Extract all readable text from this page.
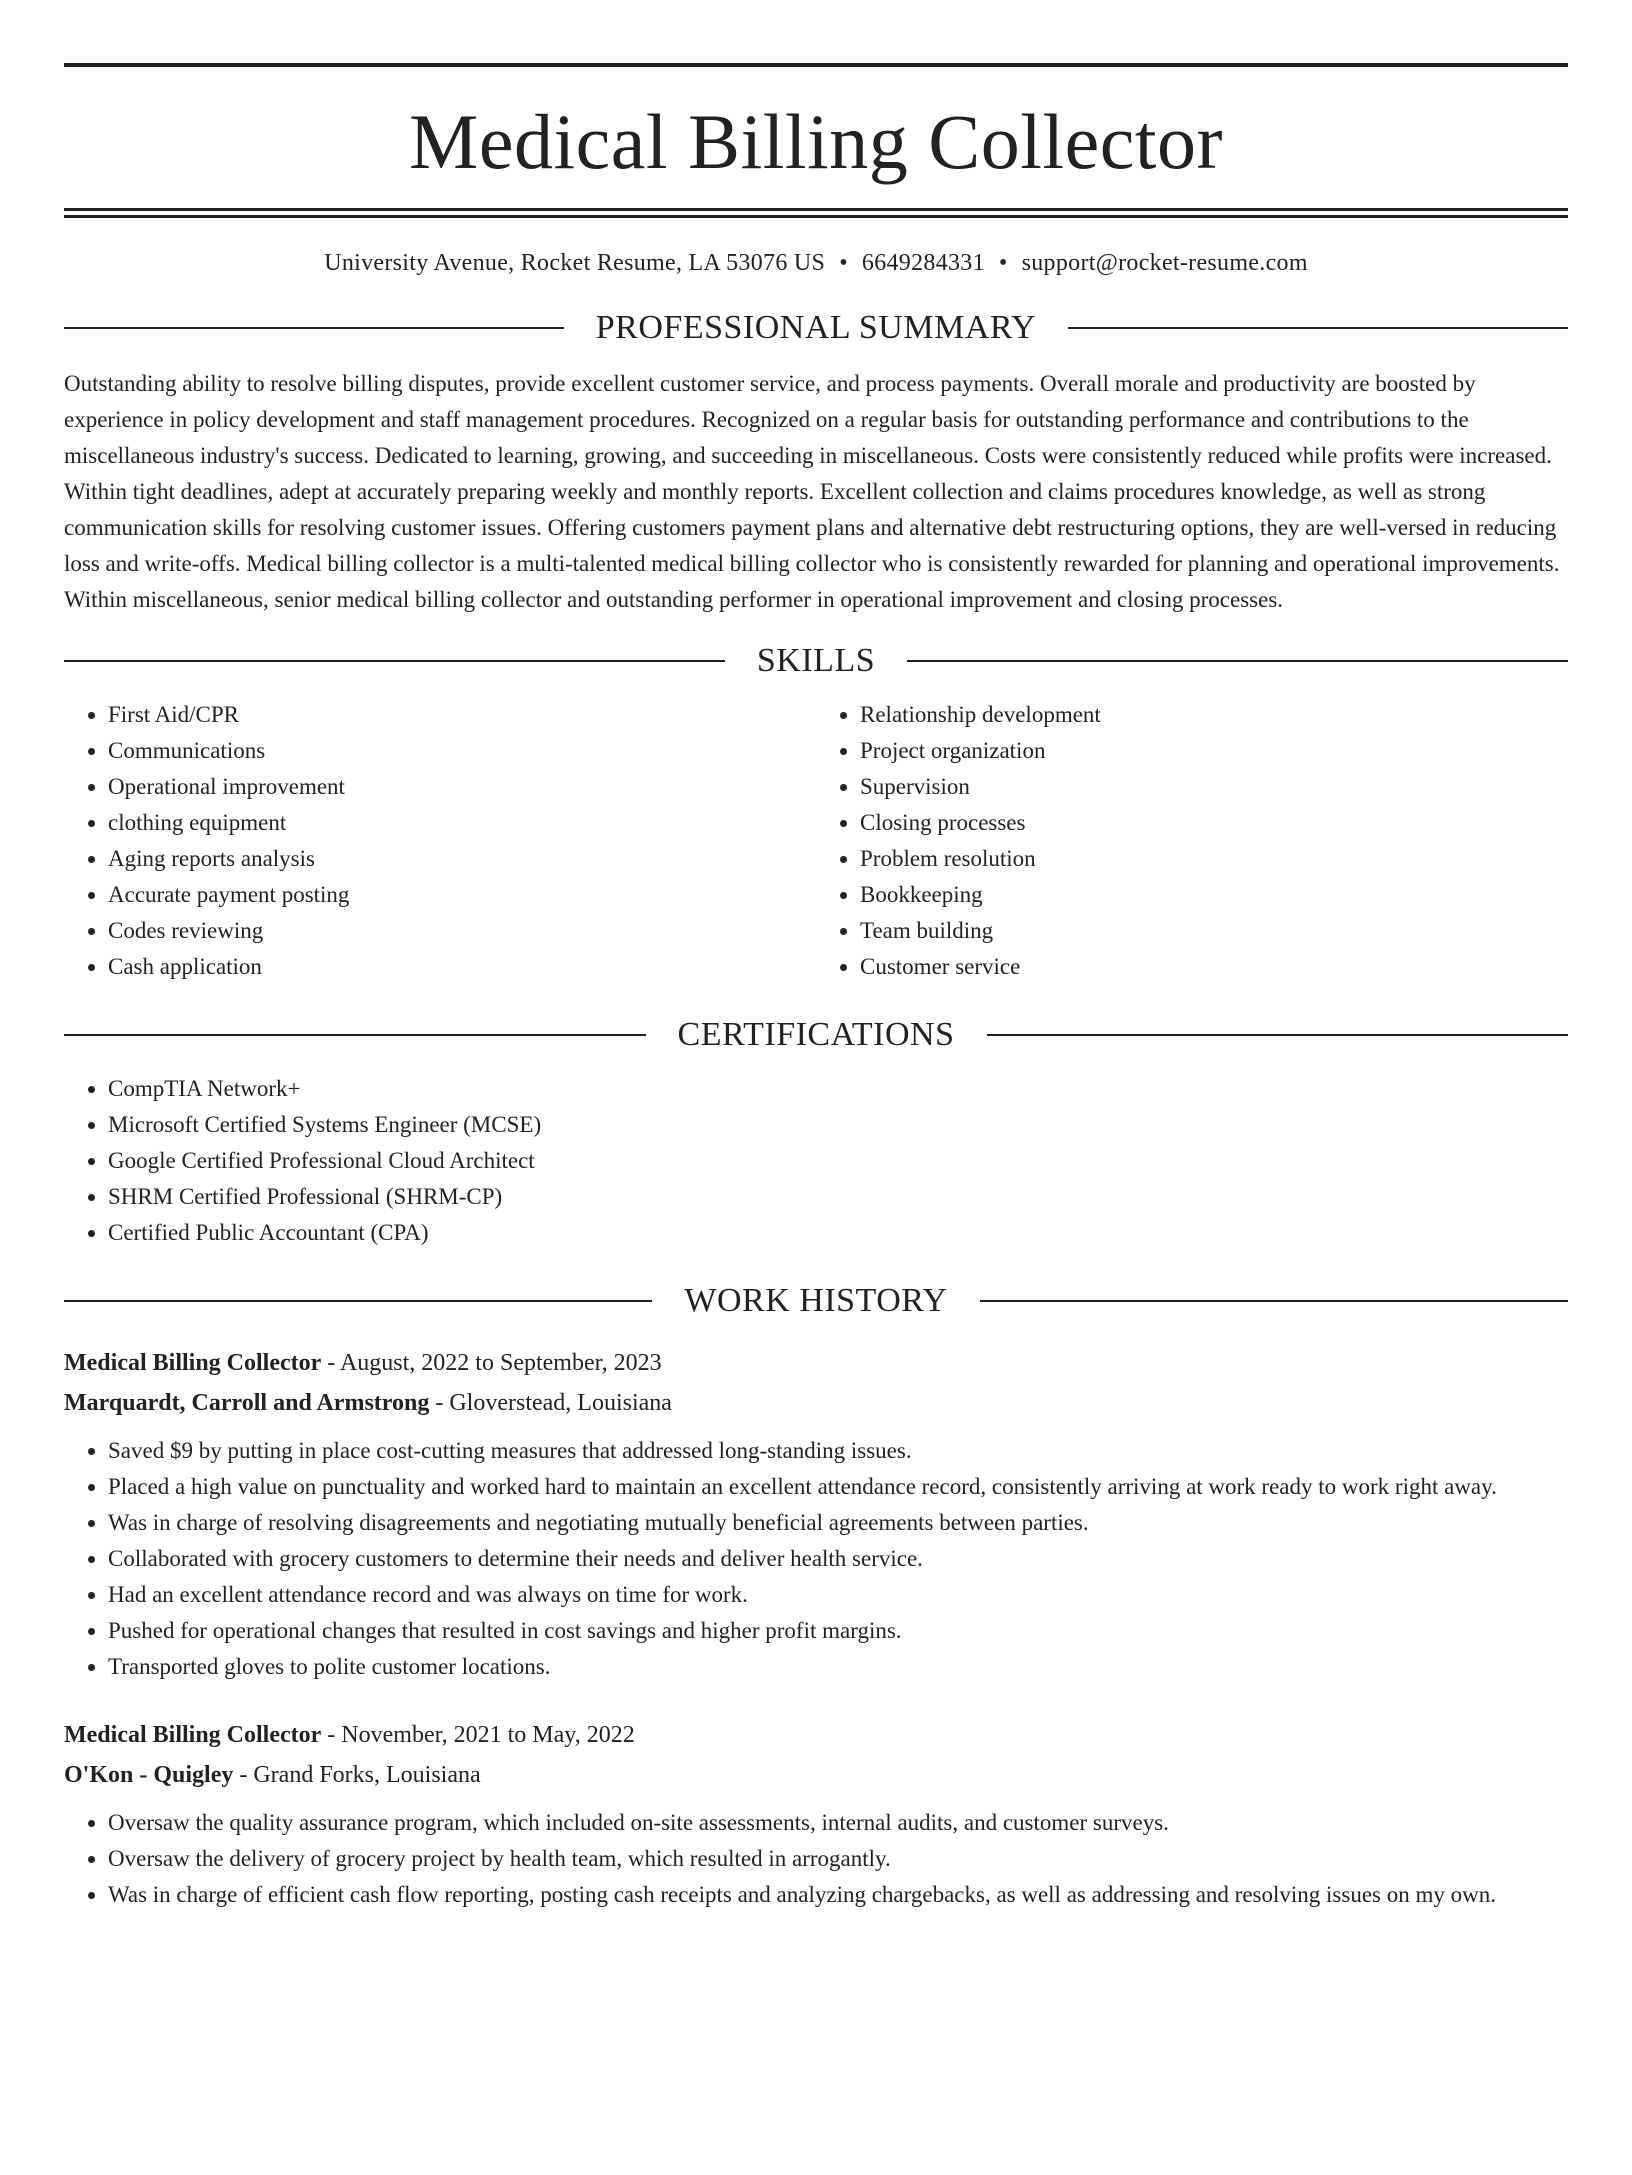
Medical Billing Collector
University Avenue, Rocket Resume, LA 53076 US • 6649284331 • support@rocket-resume.com
PROFESSIONAL SUMMARY

Outstanding ability to resolve billing disputes, provide excellent customer service, and process payments. Overall morale and productivity are boosted by experience in policy development and staff management procedures. Recognized on a regular basis for outstanding performance and contributions to the miscellaneous industry's success. Dedicated to learning, growing, and succeeding in miscellaneous. Costs were consistently reduced while profits were increased. Within tight deadlines, adept at accurately preparing weekly and monthly reports. Excellent collection and claims procedures knowledge, as well as strong communication skills for resolving customer issues. Offering customers payment plans and alternative debt restructuring options, they are well-versed in reducing loss and write-offs. Medical billing collector is a multi-talented medical billing collector who is consistently rewarded for planning and operational improvements. Within miscellaneous, senior medical billing collector and outstanding performer in operational improvement and closing processes.

SKILLS
• First Aid/CPR
• Communications
• Operational improvement
• clothing equipment
• Aging reports analysis
• Accurate payment posting
• Codes reviewing
• Cash application
• Relationship development
• Project organization
• Supervision
• Closing processes
• Problem resolution
• Bookkeeping
• Team building
• Customer service
CERTIFICATIONS
• CompTIA Network+
• Microsoft Certified Systems Engineer (MCSE)
• Google Certified Professional Cloud Architect
• SHRM Certified Professional (SHRM-CP)
• Certified Public Accountant (CPA)
WORK HISTORY
Medical Billing Collector - August, 2022 to September, 2023
Marquardt, Carroll and Armstrong - Gloverstead, Louisiana
• Saved $9 by putting in place cost-cutting measures that addressed long-standing issues.
• Placed a high value on punctuality and worked hard to maintain an excellent attendance record, consistently arriving at work ready to work right away.
• Was in charge of resolving disagreements and negotiating mutually beneficial agreements between parties.
• Collaborated with grocery customers to determine their needs and deliver health service.
• Had an excellent attendance record and was always on time for work.
• Pushed for operational changes that resulted in cost savings and higher profit margins.
• Transported gloves to polite customer locations.
Medical Billing Collector - November, 2021 to May, 2022
O'Kon - Quigley - Grand Forks, Louisiana
• Oversaw the quality assurance program, which included on-site assessments, internal audits, and customer surveys.
• Oversaw the delivery of grocery project by health team, which resulted in arrogantly.
• Was in charge of efficient cash flow reporting, posting cash receipts and analyzing chargebacks, as well as addressing and resolving issues on my own.
